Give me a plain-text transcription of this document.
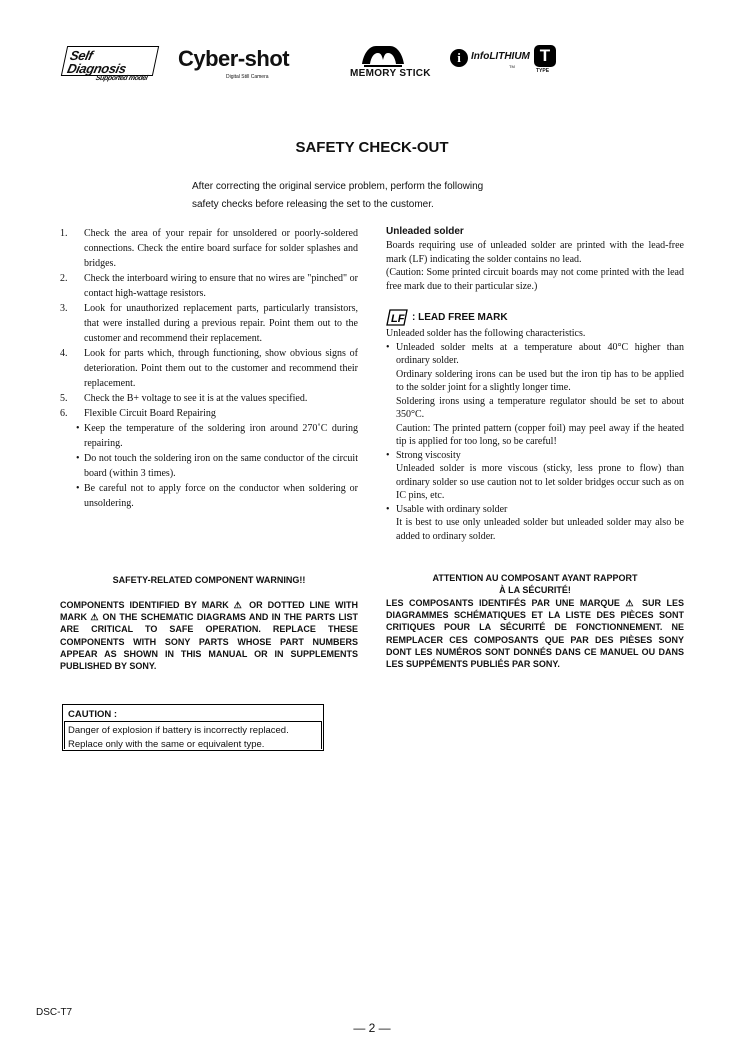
Self Diagnosis
Supported model
Cyber-shot
Digital Still Camera	MEMORY STICK
i	InfoLITHIUM
TM
T
TYPE
SAFETY CHECK-OUT
After correcting the original service problem, perform the following
safety checks before releasing the set to the customer.
1.	Check the area of your repair for unsoldered or poorly-soldered connections. Check the entire board surface for solder splashes and bridges.
2.	Check the interboard wiring to ensure that no wires are "pinched" or contact high-wattage resistors.
3.	Look for unauthorized replacement parts, particularly transistors, that were installed during a previous repair. Point them out to the customer and recommend their replacement.
4.	Look for parts which, through functioning, show obvious signs of deterioration. Point them out to the customer and recommend their replacement.
5.	Check the B+ voltage to see it is at the values specified.
6.	Flexible Circuit Board Repairing
• Keep the temperature of the soldering iron around 270˚C during repairing.
• Do not touch the soldering iron on the same conductor of the circuit board (within 3 times).
• Be careful not to apply force on the conductor when soldering or unsoldering.
Unleaded solder
Boards requiring use of unleaded solder are printed with the lead-free mark (LF) indicating the solder contains no lead.
(Caution: Some printed circuit boards may not come printed with the lead free mark due to their particular size.)
LF : LEAD FREE MARK
Unleaded solder has the following characteristics.
• Unleaded solder melts at a temperature about 40°C higher than ordinary solder.
Ordinary soldering irons can be used but the iron tip has to be applied to the solder joint for a slightly longer time.
Soldering irons using a temperature regulator should be set to about 350°C.
Caution: The printed pattern (copper foil) may peel away if the heated tip is applied for too long, so be careful!
• Strong viscosity
Unleaded solder is more viscous (sticky, less prone to flow) than ordinary solder so use caution not to let solder bridges occur such as on IC pins, etc.
• Usable with ordinary solder
It is best to use only unleaded solder but unleaded solder may also be added to ordinary solder.
SAFETY-RELATED COMPONENT WARNING!!
COMPONENTS IDENTIFIED BY MARK ⚠ OR DOTTED LINE WITH MARK ⚠ ON THE SCHEMATIC DIAGRAMS AND IN THE PARTS LIST ARE CRITICAL TO SAFE OPERATION. REPLACE THESE COMPONENTS WITH SONY PARTS WHOSE PART NUMBERS APPEAR AS SHOWN IN THIS MANUAL OR IN SUPPLEMENTS PUBLISHED BY SONY.
ATTENTION AU COMPOSANT AYANT RAPPORT
À LA SÉCURITÉ!
LES COMPOSANTS IDENTIFÉS PAR UNE MARQUE ⚠ SUR LES DIAGRAMMES SCHÉMATIQUES ET LA LISTE DES PIÈCES SONT CRITIQUES POUR LA SÉCURITÉ DE FONCTIONNEMENT. NE REMPLACER CES COMPOSANTS QUE PAR DES PIÈSES SONY DONT LES NUMÉROS SONT DONNÉS DANS CE MANUEL OU DANS LES SUPPÉMENTS PUBLIÉS PAR SONY.
CAUTION :
Danger of explosion if battery is incorrectly replaced.
Replace only with the same or equivalent type.
DSC-T7
— 2 —
